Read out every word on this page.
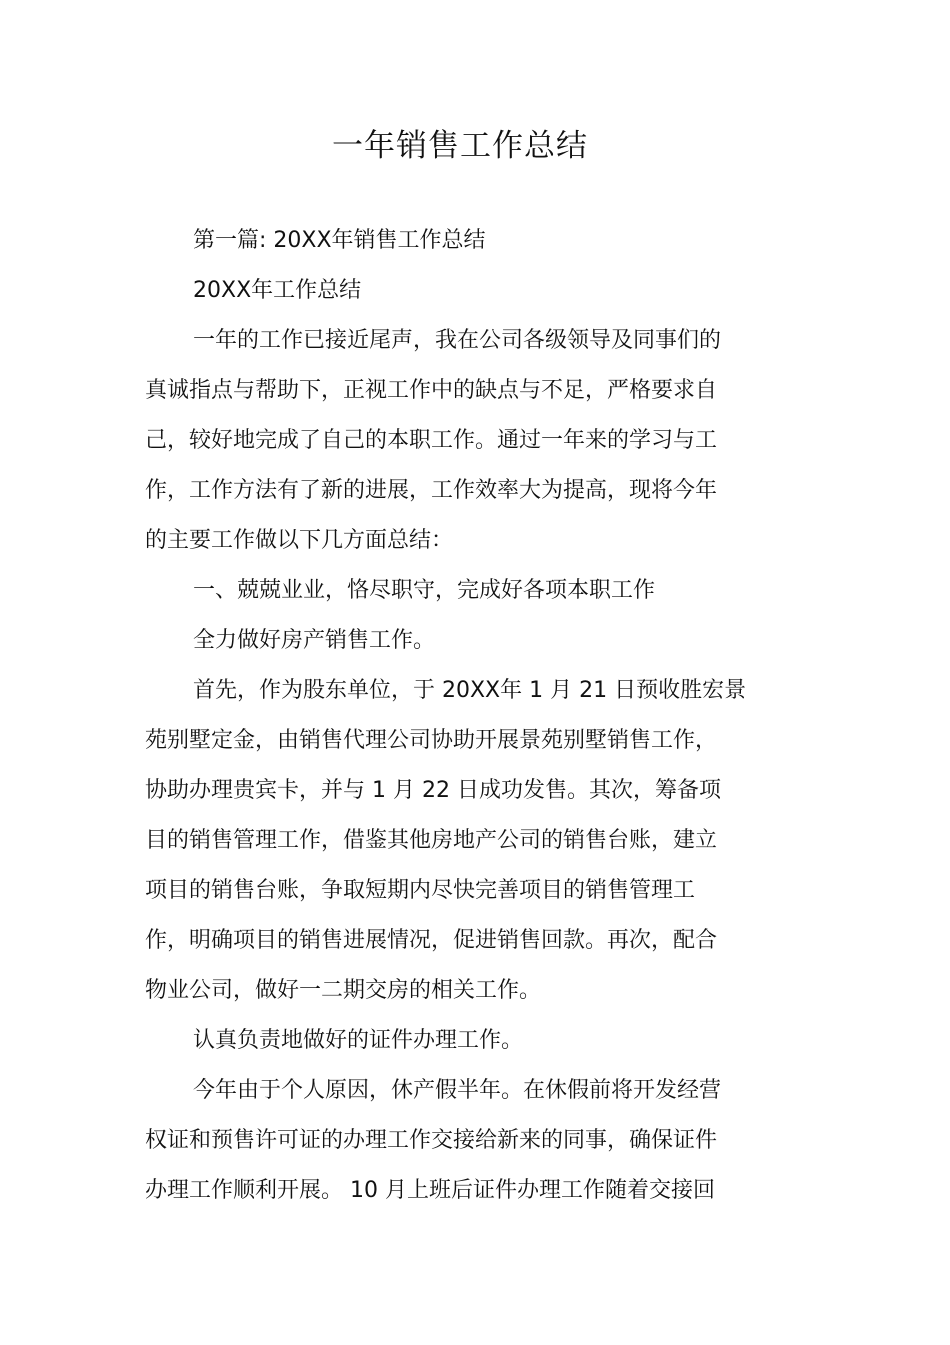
一年销售工作总结
第一篇: 20XX年销售工作总结
20XX年工作总结
一年的工作已接近尾声，我在公司各级领导及同事们的
真诚指点与帮助下，正视工作中的缺点与不足，严格要求自
己，较好地完成了自己的本职工作。通过一年来的学习与工
作，工作方法有了新的进展，工作效率大为提高，现将今年
的主要工作做以下几方面总结：
一、兢兢业业，恪尽职守，完成好各项本职工作
全力做好房产销售工作。
首先，作为股东单位，于 20XX年 1 月 21 日预收胜宏景
苑别墅定金，由销售代理公司协助开展景苑别墅销售工作，
协助办理贵宾卡，并与 1 月 22 日成功发售。其次，筹备项
目的销售管理工作，借鉴其他房地产公司的销售台账，建立
项目的销售台账，争取短期内尽快完善项目的销售管理工
作，明确项目的销售进展情况，促进销售回款。再次，配合
物业公司，做好一二期交房的相关工作。
认真负责地做好的证件办理工作。
今年由于个人原因，休产假半年。在休假前将开发经营
权证和预售许可证的办理工作交接给新来的同事，确保证件
办理工作顺利开展。 10 月上班后证件办理工作随着交接回
